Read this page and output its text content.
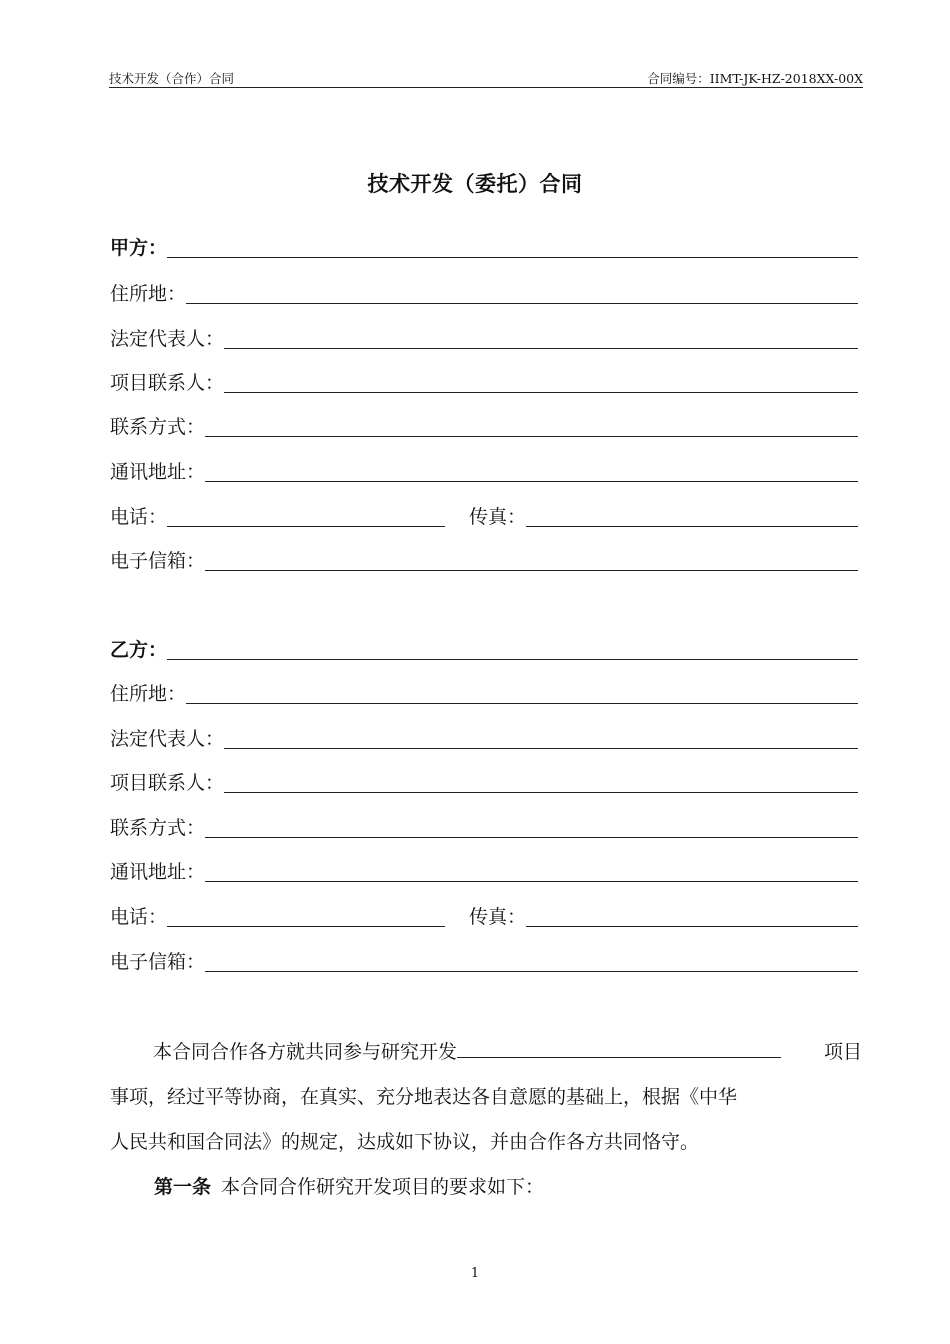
技术开发（合作）合同	合同编号：IIMT-JK-HZ-2018XX-00X
技术开发（委托）合同
甲方：
住所地：
法定代表人：
项目联系人：
联系方式：
通讯地址：
电话：	传真：
电子信箱：
乙方：
住所地：
法定代表人：
项目联系人：
联系方式：
通讯地址：
电话：	传真：
电子信箱：
本合同合作各方就共同参与研究开发	项目
事项，经过平等协商，在真实、充分地表达各自意愿的基础上，根据《中华
人民共和国合同法》的规定，达成如下协议，并由合作各方共同恪守。
第一条 本合同合作研究开发项目的要求如下：
1
